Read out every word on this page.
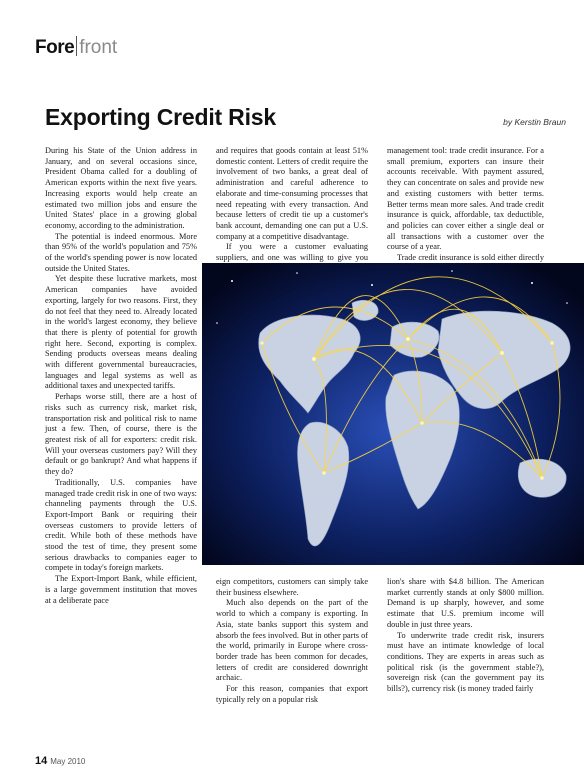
Fore front
Exporting Credit Risk	by Kerstin Braun

During his State of the Union address in January, and on several occasions since, President Obama called for a doubling of American exports within the next five years. Increasing exports would help create an estimated two million jobs and ensure the United States' place in a growing global economy, according to the administration.

The potential is indeed enormous. More than 95% of the world's population and 75% of the world's spending power is now located outside the United States.

Yet despite these lucrative markets, most American companies have avoided exporting, largely for two reasons. First, they do not feel that they need to. Already located in the world's largest economy, they believe that there is plenty of potential for growth right here. Second, exporting is complex. Sending products overseas means dealing with different governmental bureaucracies, languages and legal systems as well as additional taxes and unexpected tariffs.

Perhaps worse still, there are a host of risks such as currency risk, market risk, transportation risk and political risk to name just a few. Then, of course, there is the greatest risk of all for exporters: credit risk. Will your overseas customers pay? Will they default or go bankrupt? And what happens if they do?

Traditionally, U.S. companies have managed trade credit risk in one of two ways: channeling payments through the U.S. Export-Import Bank or requiring their overseas customers to provide letters of credit. While both of these methods have stood the test of time, they present some serious drawbacks to companies eager to compete in today's foreign markets.

The Export-Import Bank, while efficient, is a large government institution that moves at a deliberate pace

and requires that goods contain at least 51% domestic content. Letters of credit require the involvement of two banks, a great deal of administration and careful adherence to elaborate and time-consuming processes that need repeating with every transaction. And because letters of credit tie up a customer's bank account, demanding one can put a U.S. company at a competitive disadvantage.

If you were a customer evaluating suppliers, and one was willing to give you

management tool: trade credit insurance. For a small premium, exporters can insure their accounts receivable. With payment assured, they can concentrate on sales and provide new and existing customers with better terms. Better terms mean more sales. And trade credit insurance is quick, affordable, tax deductible, and policies can cover either a single deal or all transactions with a customer over the course of a year.

Trade credit insurance is sold either directly

eign competitors, customers can simply take their business elsewhere.

Much also depends on the part of the world to which a company is exporting. In Asia, state banks support this system and absorb the fees involved. But in other parts of the world, primarily in Europe where cross-border trade has been common for decades, letters of credit are considered downright archaic.

For this reason, companies that export typically rely on a popular risk

lion's share with $4.8 billion. The American market currently stands at only $800 million. Demand is up sharply, however, and some estimate that U.S. premium income will double in just three years.

To underwrite trade credit risk, insurers must have an intimate knowledge of local conditions. They are experts in areas such as political risk (is the government stable?), sovereign risk (can the government pay its bills?), currency risk (is money traded fairly

14 May 2010
